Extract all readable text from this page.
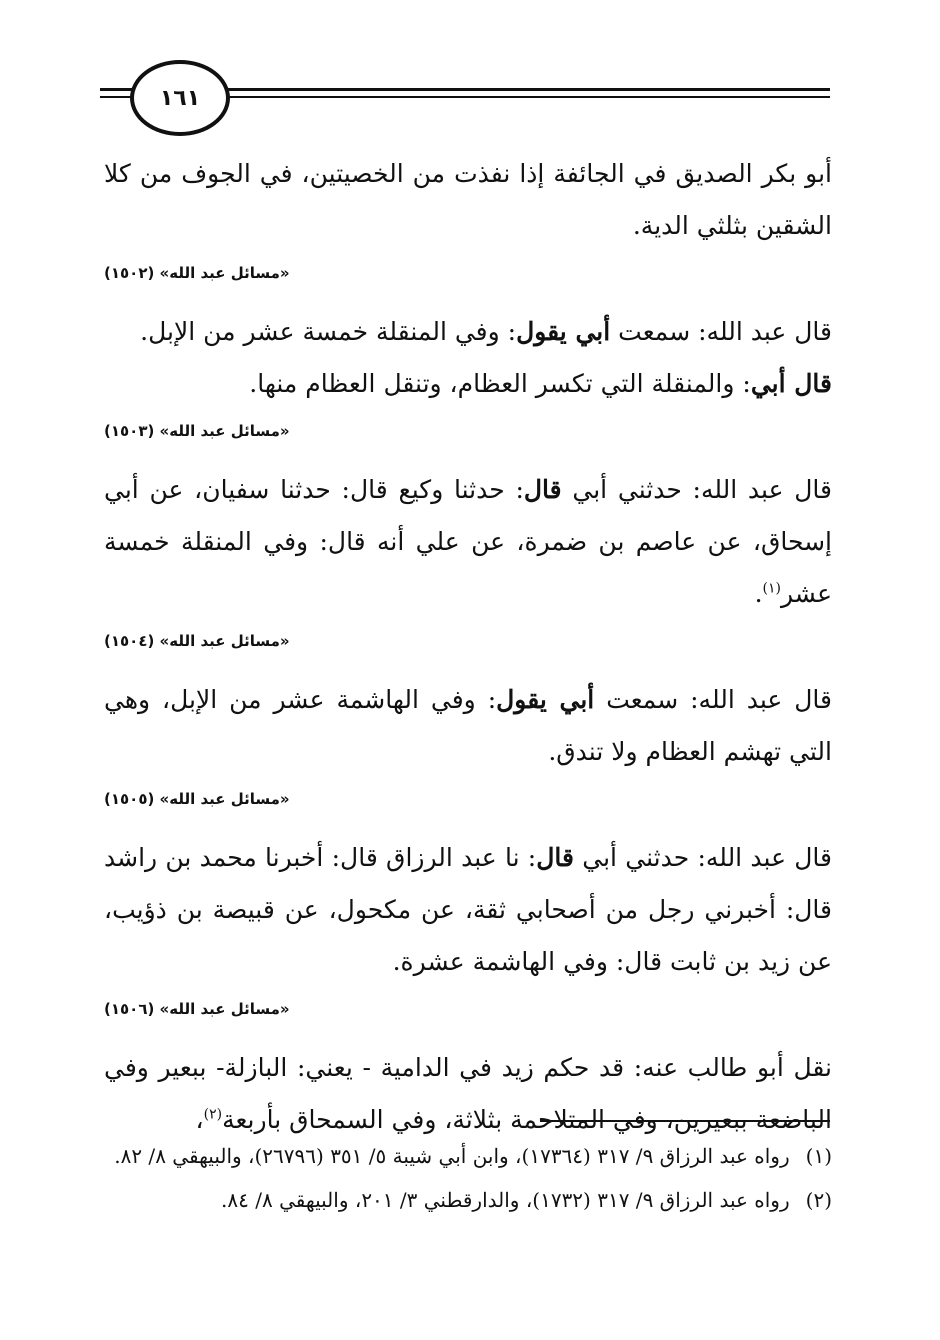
١٦١

أبو بكر الصديق في الجائفة إذا نفذت من الخصيتين، في الجوف من كلا الشقين بثلثي الدية.

«مسائل عبد الله» (١٥٠٢)

قال عبد الله: سمعت أبي يقول: وفي المنقلة خمسة عشر من الإبل.
قال أبي: والمنقلة التي تكسر العظام، وتنقل العظام منها.

«مسائل عبد الله» (١٥٠٣)

قال عبد الله: حدثني أبي قال: حدثنا وكيع قال: حدثنا سفيان، عن أبي إسحاق، عن عاصم بن ضمرة، عن علي أنه قال: وفي المنقلة خمسة عشر$^{(١)}$.

«مسائل عبد الله» (١٥٠٤)

قال عبد الله: سمعت أبي يقول: وفي الهاشمة عشر من الإبل، وهي التي تهشم العظام ولا تندق.

«مسائل عبد الله» (١٥٠٥)

قال عبد الله: حدثني أبي قال: نا عبد الرزاق قال: أخبرنا محمد بن راشد قال: أخبرني رجل من أصحابي ثقة، عن مكحول، عن قبيصة بن ذؤيب، عن زيد بن ثابت قال: وفي الهاشمة عشرة.

«مسائل عبد الله» (١٥٠٦)

نقل أبو طالب عنه: قد حكم زيد في الدامية - يعني: البازلة- ببعير وفي الباضعة ببعيرين، وفي المتلاحمة بثلاثة، وفي السمحاق بأربعة$^{(٢)}$،

(١)رواه عبد الرزاق ٩/ ٣١٧ (١٧٣٦٤)، وابن أبي شيبة ٥/ ٣٥١ (٢٦٧٩٦)، والبيهقي ٨/ ٨٢.

(٢)رواه عبد الرزاق ٩/ ٣١٧ (١٧٣٢)، والدارقطني ٣/ ٢٠١، والبيهقي ٨/ ٨٤.
